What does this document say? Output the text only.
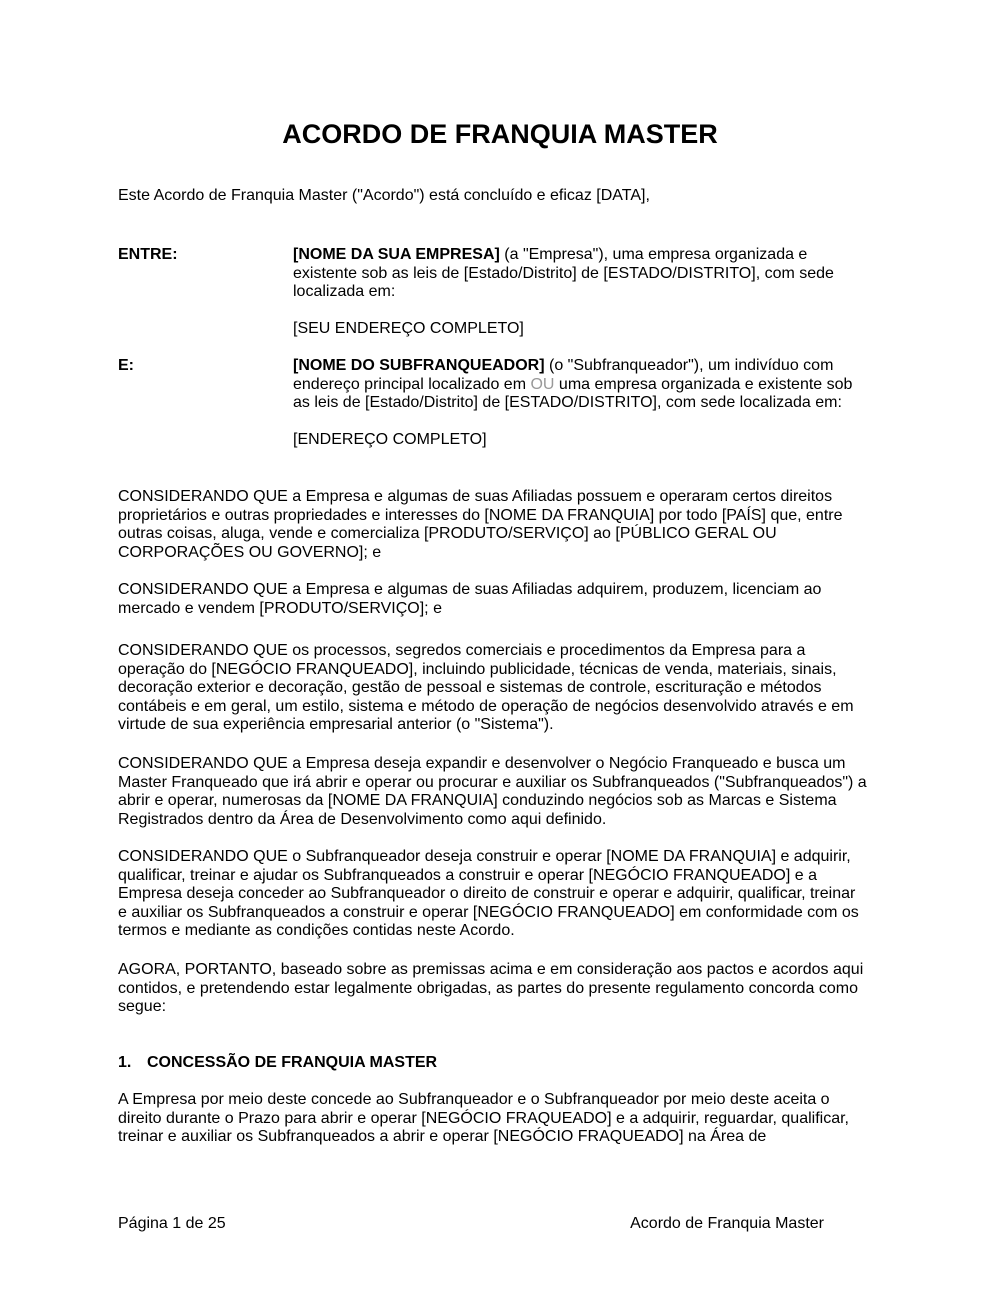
ACORDO DE FRANQUIA MASTER

Este Acordo de Franquia Master ("Acordo") está concluído e eficaz [DATA],

ENTRE:	[NOME DA SUA EMPRESA] (a "Empresa"), uma empresa organizada e
existente sob as leis de [Estado/Distrito] de [ESTADO/DISTRITO], com sede
localizada em:

[SEU ENDEREÇO COMPLETO]

E:	[NOME DO SUBFRANQUEADOR] (o "Subfranqueador"), um indivíduo com
endereço principal localizado em OU uma empresa organizada e existente sob
as leis de [Estado/Distrito] de [ESTADO/DISTRITO], com sede localizada em:

[ENDEREÇO COMPLETO]

CONSIDERANDO QUE a Empresa e algumas de suas Afiliadas possuem e operaram certos direitos
proprietários e outras propriedades e interesses do [NOME DA FRANQUIA] por todo [PAÍS] que, entre
outras coisas, aluga, vende e comercializa [PRODUTO/SERVIÇO] ao [PÚBLICO GERAL OU
CORPORAÇÕES OU GOVERNO]; e

CONSIDERANDO QUE a Empresa e algumas de suas Afiliadas adquirem, produzem, licenciam ao
mercado e vendem [PRODUTO/SERVIÇO]; e

CONSIDERANDO QUE os processos, segredos comerciais e procedimentos da Empresa para a
operação do [NEGÓCIO FRANQUEADO], incluindo publicidade, técnicas de venda, materiais, sinais,
decoração exterior e decoração, gestão de pessoal e sistemas de controle, escrituração e métodos
contábeis e em geral, um estilo, sistema e método de operação de negócios desenvolvido através e em
virtude de sua experiência empresarial anterior (o "Sistema").

CONSIDERANDO QUE a Empresa deseja expandir e desenvolver o Negócio Franqueado e busca um
Master Franqueado que irá abrir e operar ou procurar e auxiliar os Subfranqueados ("Subfranqueados") a
abrir e operar, numerosas da [NOME DA FRANQUIA] conduzindo negócios sob as Marcas e Sistema
Registrados dentro da Área de Desenvolvimento como aqui definido.

CONSIDERANDO QUE o Subfranqueador deseja construir e operar [NOME DA FRANQUIA] e adquirir,
qualificar, treinar e ajudar os Subfranqueados a construir e operar [NEGÓCIO FRANQUEADO] e a
Empresa deseja conceder ao Subfranqueador o direito de construir e operar e adquirir, qualificar, treinar
e auxiliar os Subfranqueados a construir e operar [NEGÓCIO FRANQUEADO] em conformidade com os
termos e mediante as condições contidas neste Acordo.

AGORA, PORTANTO, baseado sobre as premissas acima e em consideração aos pactos e acordos aqui
contidos, e pretendendo estar legalmente obrigadas, as partes do presente regulamento concorda como
segue:

1. CONCESSÃO DE FRANQUIA MASTER

A Empresa por meio deste concede ao Subfranqueador e o Subfranqueador por meio deste aceita o
direito durante o Prazo para abrir e operar [NEGÓCIO FRAQUEADO] e a adquirir, reguardar, qualificar,
treinar e auxiliar os Subfranqueados a abrir e operar [NEGÓCIO FRAQUEADO] na Área de

Página 1 de 25	Acordo de Franquia Master
